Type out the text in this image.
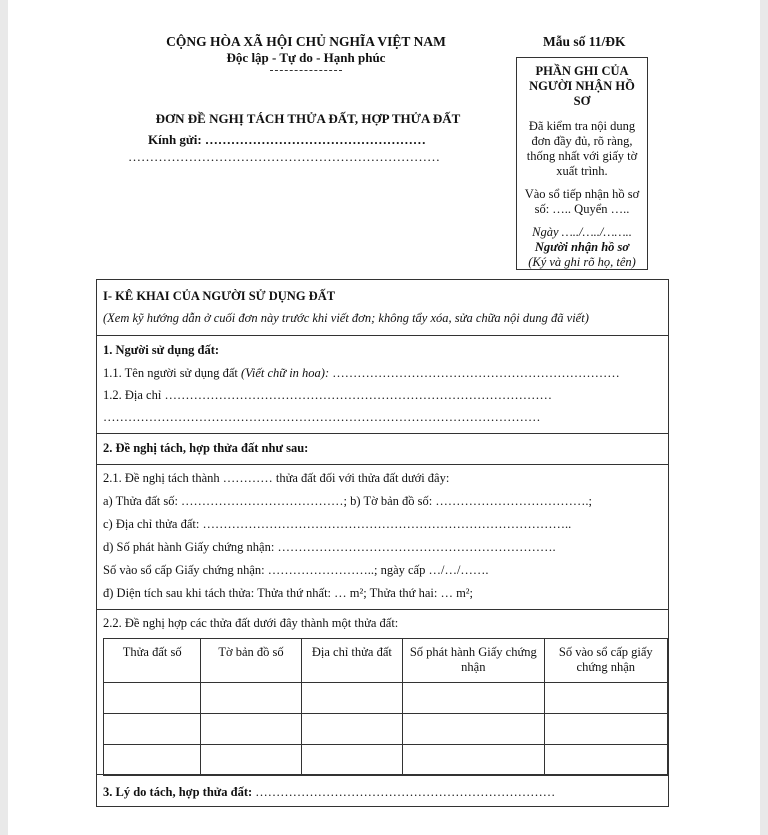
CỘNG HÒA XÃ HỘI CHỦ NGHĨA VIỆT NAM
Độc lập - Tự do - Hạnh phúc
Mẫu số 11/ĐK
PHẦN GHI CỦA NGƯỜI NHẬN HỒ SƠ
Đã kiểm tra nội dung đơn đầy đủ, rõ ràng, thống nhất với giấy tờ xuất trình.
Vào sổ tiếp nhận hồ sơ số: ….. Quyển …..
Ngày …../…../……..
Người nhận hồ sơ
(Ký và ghi rõ họ, tên)
ĐƠN ĐỀ NGHỊ TÁCH THỬA ĐẤT, HỢP THỬA ĐẤT
Kính gửi: ……………………………………………
………………………………………………………………
I- KÊ KHAI CỦA NGƯỜI SỬ DỤNG ĐẤT
(Xem kỹ hướng dẫn ở cuối đơn này trước khi viết đơn; không tẩy xóa, sửa chữa nội dung đã viết)
1. Người sử dụng đất:
1.1. Tên người sử dụng đất (Viết chữ in hoa): ……………………………………………………………
1.2. Địa chỉ …………………………………………………………………………………
……………………………………………………………………………………………
2. Đề nghị tách, hợp thửa đất như sau:
2.1. Đề nghị tách thành ………… thửa đất đối với thửa đất dưới đây:
a) Thửa đất số: …………………………………; b) Tờ bản đồ số: ……………………………….;
c) Địa chỉ thửa đất: ……………………………………………………………………………..
d) Số phát hành Giấy chứng nhận: ………………………………………………………….
Số vào sổ cấp Giấy chứng nhận: ……………………..; ngày cấp …/…/…….
đ) Diện tích sau khi tách thửa: Thửa thứ nhất: … m²; Thửa thứ hai: … m²;
2.2. Đề nghị hợp các thửa đất dưới đây thành một thửa đất:
Thửa đất số	Tờ bản đồ số	Địa chỉ thửa đất	Số phát hành Giấy chứng nhận	Số vào sổ cấp giấy chứng nhận

3. Lý do tách, hợp thửa đất: ………………………………………………………………
